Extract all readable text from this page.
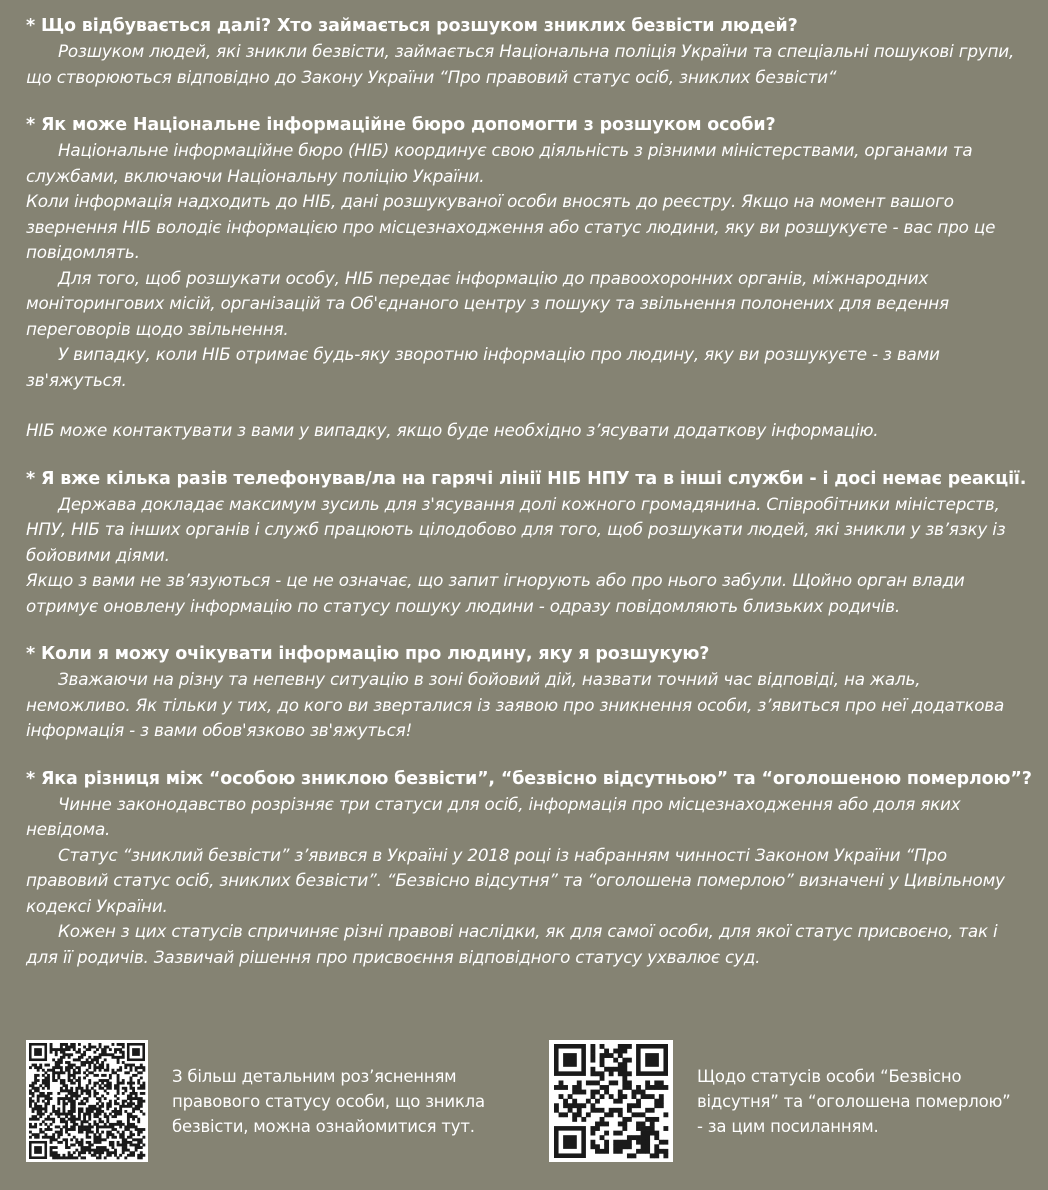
* Що відбувається далі? Хто займається розшуком зниклих безвісти людей?
Розшуком людей, які зникли безвісти, займається Національна поліція України та спеціальні пошукові групи, що створюються відповідно до Закону України “Про правовий статус осіб, зниклих безвісти“
* Як може Національне інформаційне бюро допомогти з розшуком особи?
Національне інформаційне бюро (НІБ) координує свою діяльність з різними міністерствами, органами та службами, включаючи Національну поліцію України.
Коли інформація надходить до НІБ, дані розшукуваної особи вносять до реєстру. Якщо на момент вашого звернення НІБ володіє інформацією про місцезнаходження або статус людини, яку ви розшукуєте - вас про це повідомлять.
Для того, щоб розшукати особу, НІБ передає інформацію до правоохоронних органів, міжнародних моніторингових місій, організацій та Об'єднаного центру з пошуку та звільнення полонених для ведення переговорів щодо звільнення.
У випадку, коли НІБ отримає будь-яку зворотню інформацію про людину, яку ви розшукуєте - з вами зв'яжуться.
НІБ може контактувати з вами у випадку, якщо буде необхідно з’ясувати додаткову інформацію.
* Я вже кілька разів телефонував/ла на гарячі лінії НІБ НПУ та в інші служби - і досі немає реакції.
Держава докладає максимум зусиль для з'ясування долі кожного громадянина. Співробітники міністерств, НПУ, НІБ та інших органів і служб працюють цілодобово для того, щоб розшукати людей, які зникли у зв’язку із бойовими діями.
Якщо з вами не зв’язуються - це не означає, що запит ігнорують або про нього забули. Щойно орган влади отримує оновлену інформацію по статусу пошуку людини - одразу повідомляють близьких родичів.
* Коли я можу очікувати інформацію про людину, яку я розшукую?
Зважаючи на різну та непевну ситуацію в зоні бойовий дій, назвати точний час відповіді, на жаль, неможливо. Як тільки у тих, до кого ви зверталися із заявою про зникнення особи, з’явиться про неї додаткова інформація - з вами обов'язково зв'яжуться!
* Яка різниця між “особою зниклою безвісти”, “безвісно відсутньою” та “оголошеною померлою”?
Чинне законодавство розрізняє три статуси для осіб, інформація про місцезнаходження або доля яких невідома.
Статус “зниклий безвісти” з’явився в Україні у 2018 році із набранням чинності Законом України “Про правовий статус осіб, зниклих безвісти”. “Безвісно відсутня” та “оголошена померлою” визначені у Цивільному кодексі України.
Кожен з цих статусів спричиняє різні правові наслідки, як для самої особи, для якої статус присвоєно, так і для її родичів. Зазвичай рішення про присвоєння відповідного статусу ухвалює суд.
З більш детальним роз’ясненням
правового статусу особи, що зникла
безвісти, можна ознайомитися тут.
Щодо статусів особи “Безвісно
відсутня” та “оголошена померлою”
- за цим посиланням.
